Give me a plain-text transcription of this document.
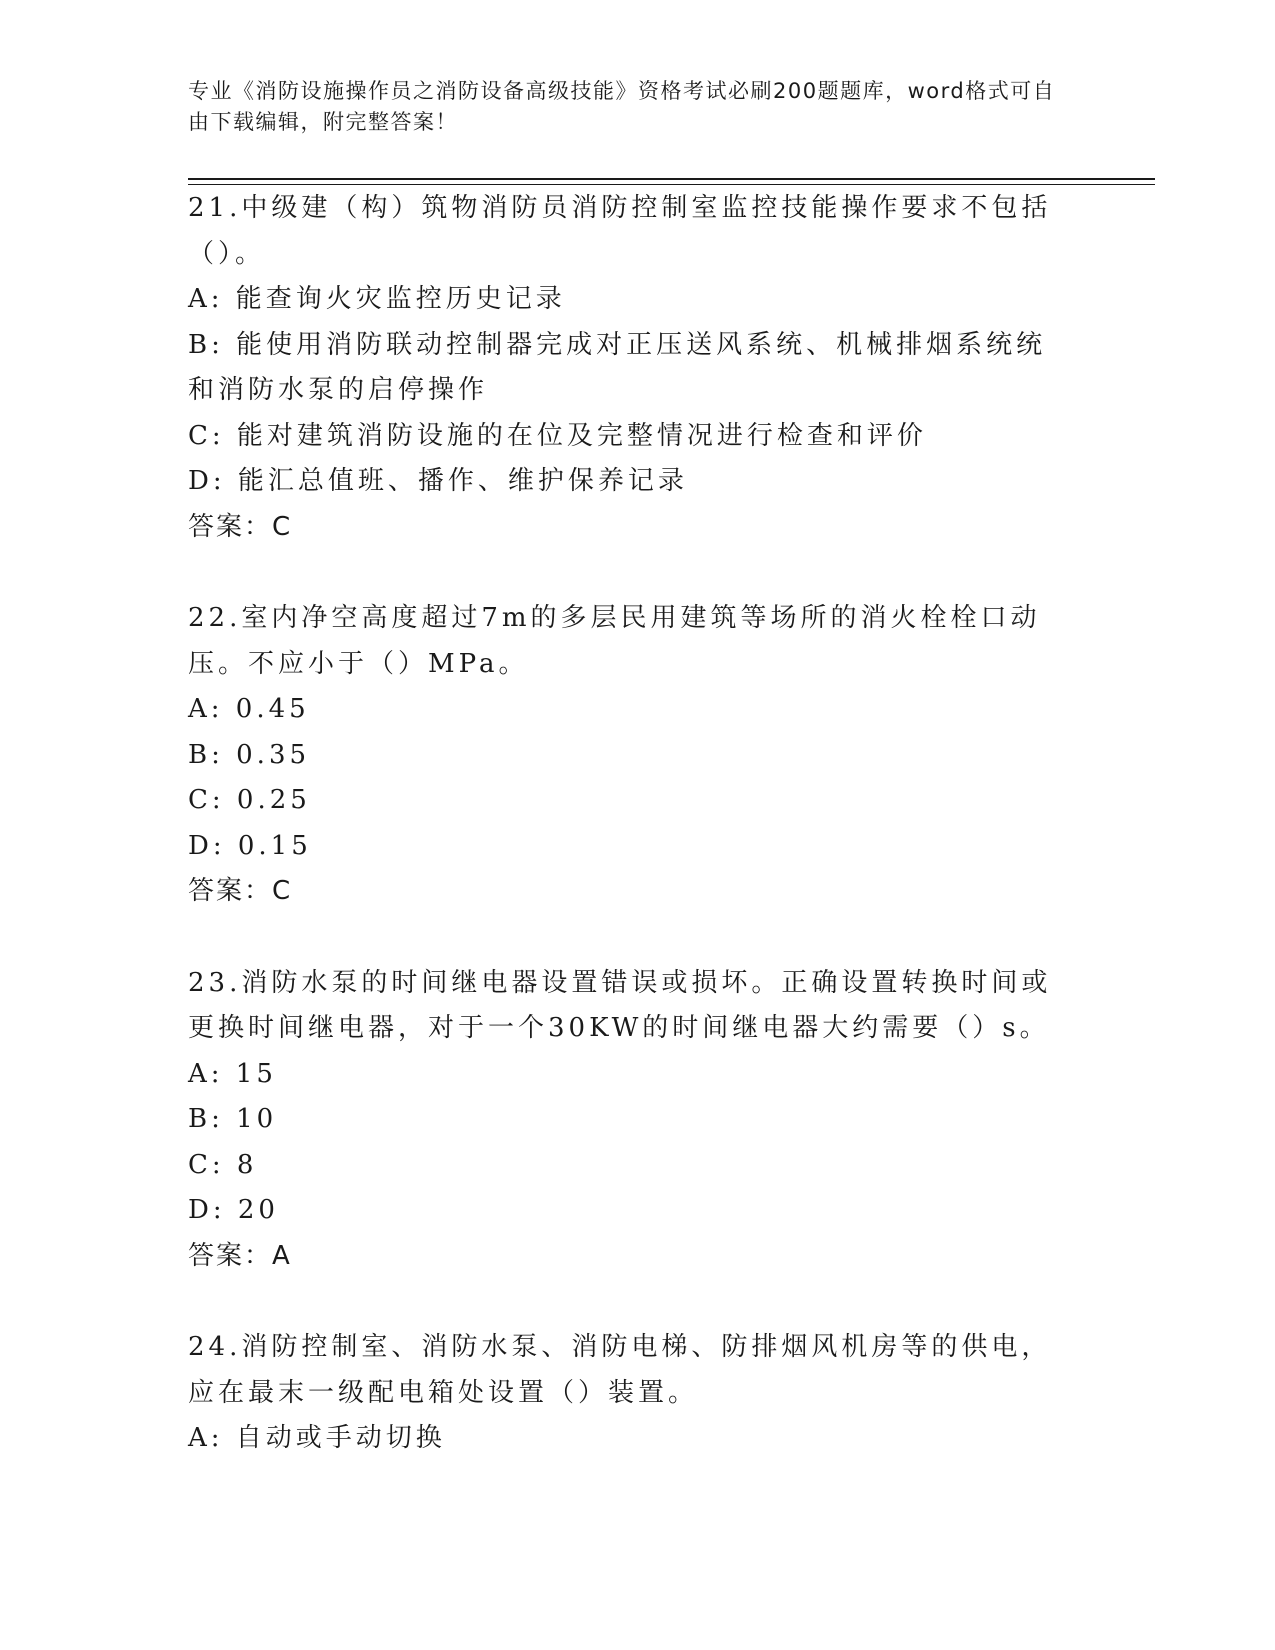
专业《消防设施操作员之消防设备高级技能》资格考试必刷200题题库，word格式可自由下载编辑，附完整答案！
21.中级建（构）筑物消防员消防控制室监控技能操作要求不包括（）。
A: 能查询火灾监控历史记录
B: 能使用消防联动控制器完成对正压送风系统、机械排烟系统统和消防水泵的启停操作
C: 能对建筑消防设施的在位及完整情况进行检查和评价
D: 能汇总值班、播作、维护保养记录
答案：C
22.室内净空高度超过7m的多层民用建筑等场所的消火栓栓口动压。不应小于（）MPa。
A: 0.45
B: 0.35
C: 0.25
D: 0.15
答案：C
23.消防水泵的时间继电器设置错误或损坏。正确设置转换时间或更换时间继电器，对于一个30KW的时间继电器大约需要（）s。
A: 15
B: 10
C: 8
D: 20
答案：A
24.消防控制室、消防水泵、消防电梯、防排烟风机房等的供电，应在最末一级配电箱处设置（）装置。
A: 自动或手动切换
